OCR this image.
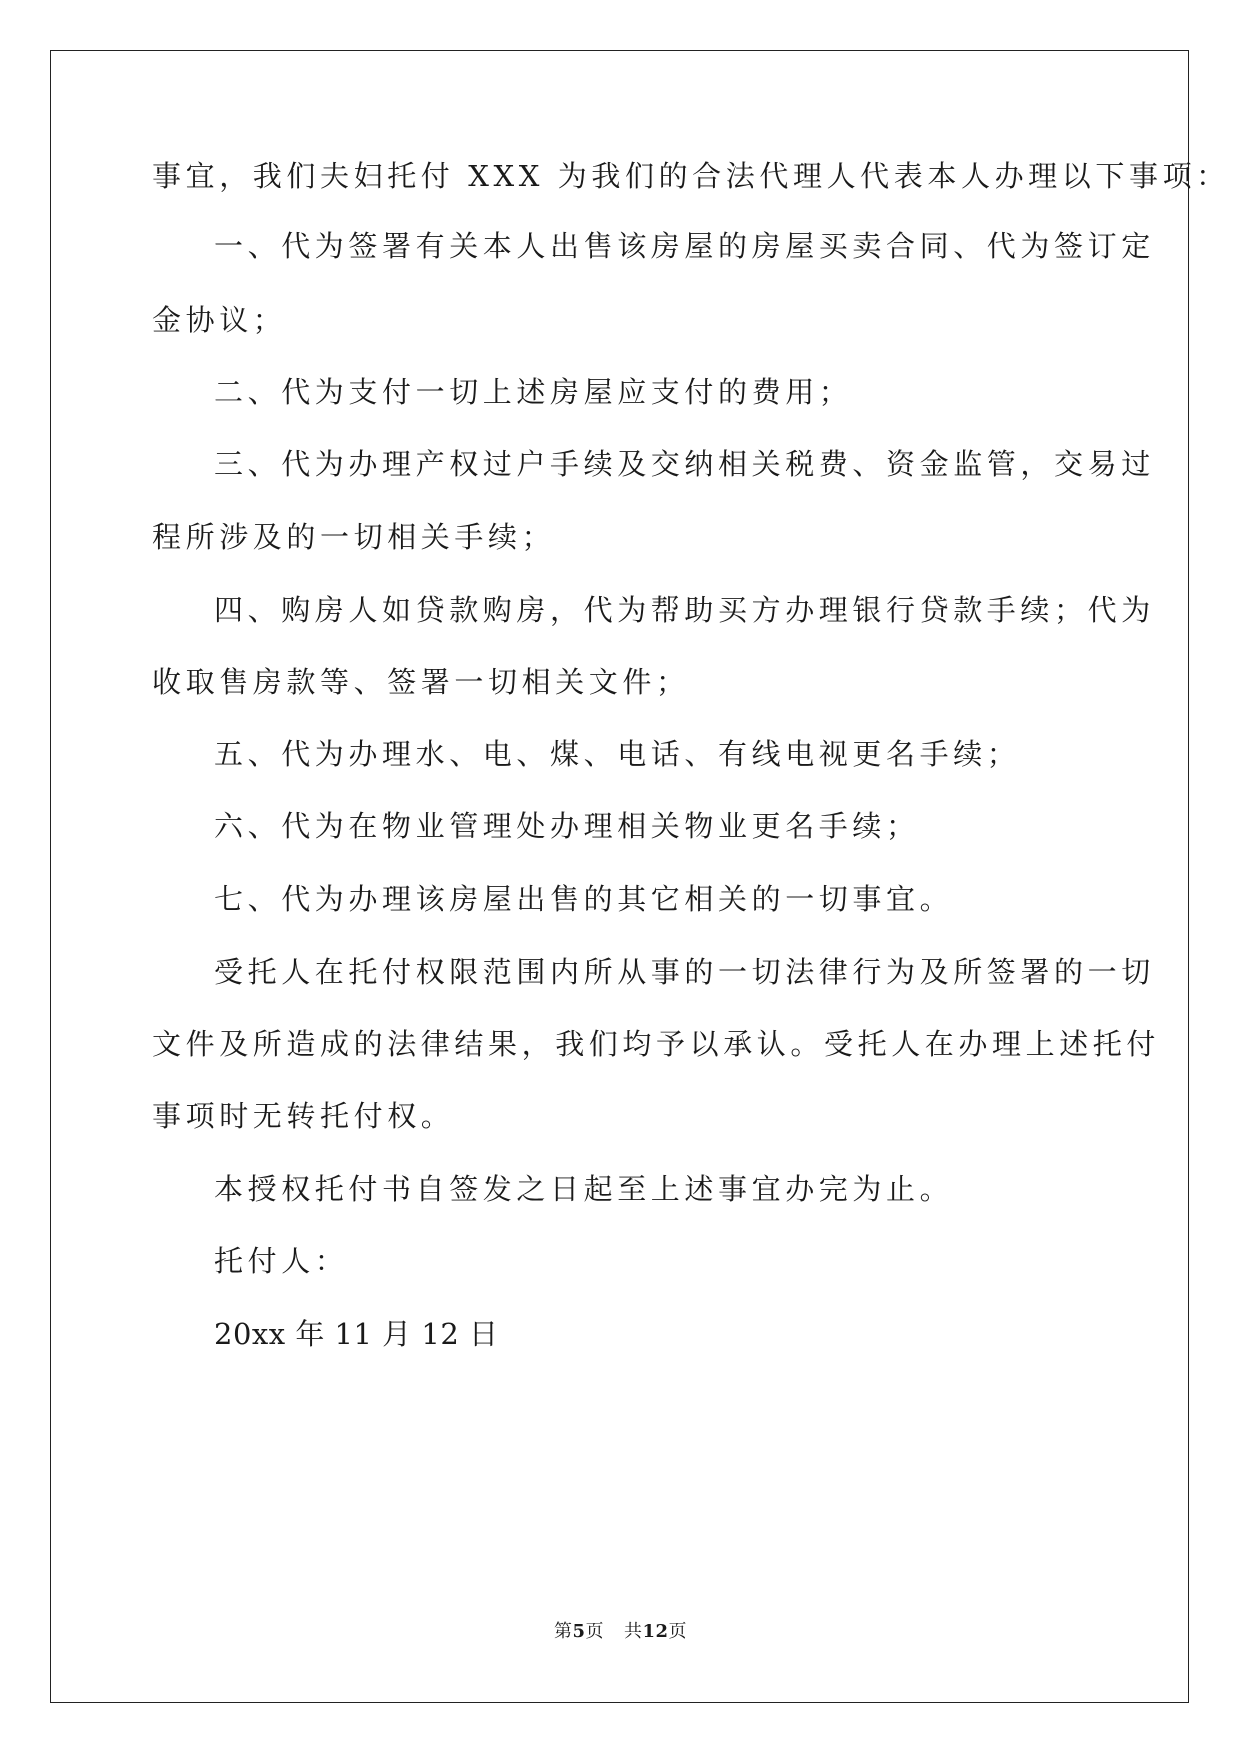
事宜，我们夫妇托付 XXX 为我们的合法代理人代表本人办理以下事项：
一、代为签署有关本人出售该房屋的房屋买卖合同、代为签订定
金协议；
二、代为支付一切上述房屋应支付的费用；
三、代为办理产权过户手续及交纳相关税费、资金监管，交易过
程所涉及的一切相关手续；
四、购房人如贷款购房，代为帮助买方办理银行贷款手续；代为
收取售房款等、签署一切相关文件；
五、代为办理水、电、煤、电话、有线电视更名手续；
六、代为在物业管理处办理相关物业更名手续；
七、代为办理该房屋出售的其它相关的一切事宜。
受托人在托付权限范围内所从事的一切法律行为及所签署的一切
文件及所造成的法律结果，我们均予以承认。受托人在办理上述托付
事项时无转托付权。
本授权托付书自签发之日起至上述事宜办完为止。
托付人：
20xx 年 11 月 12 日
第5页 共12页
